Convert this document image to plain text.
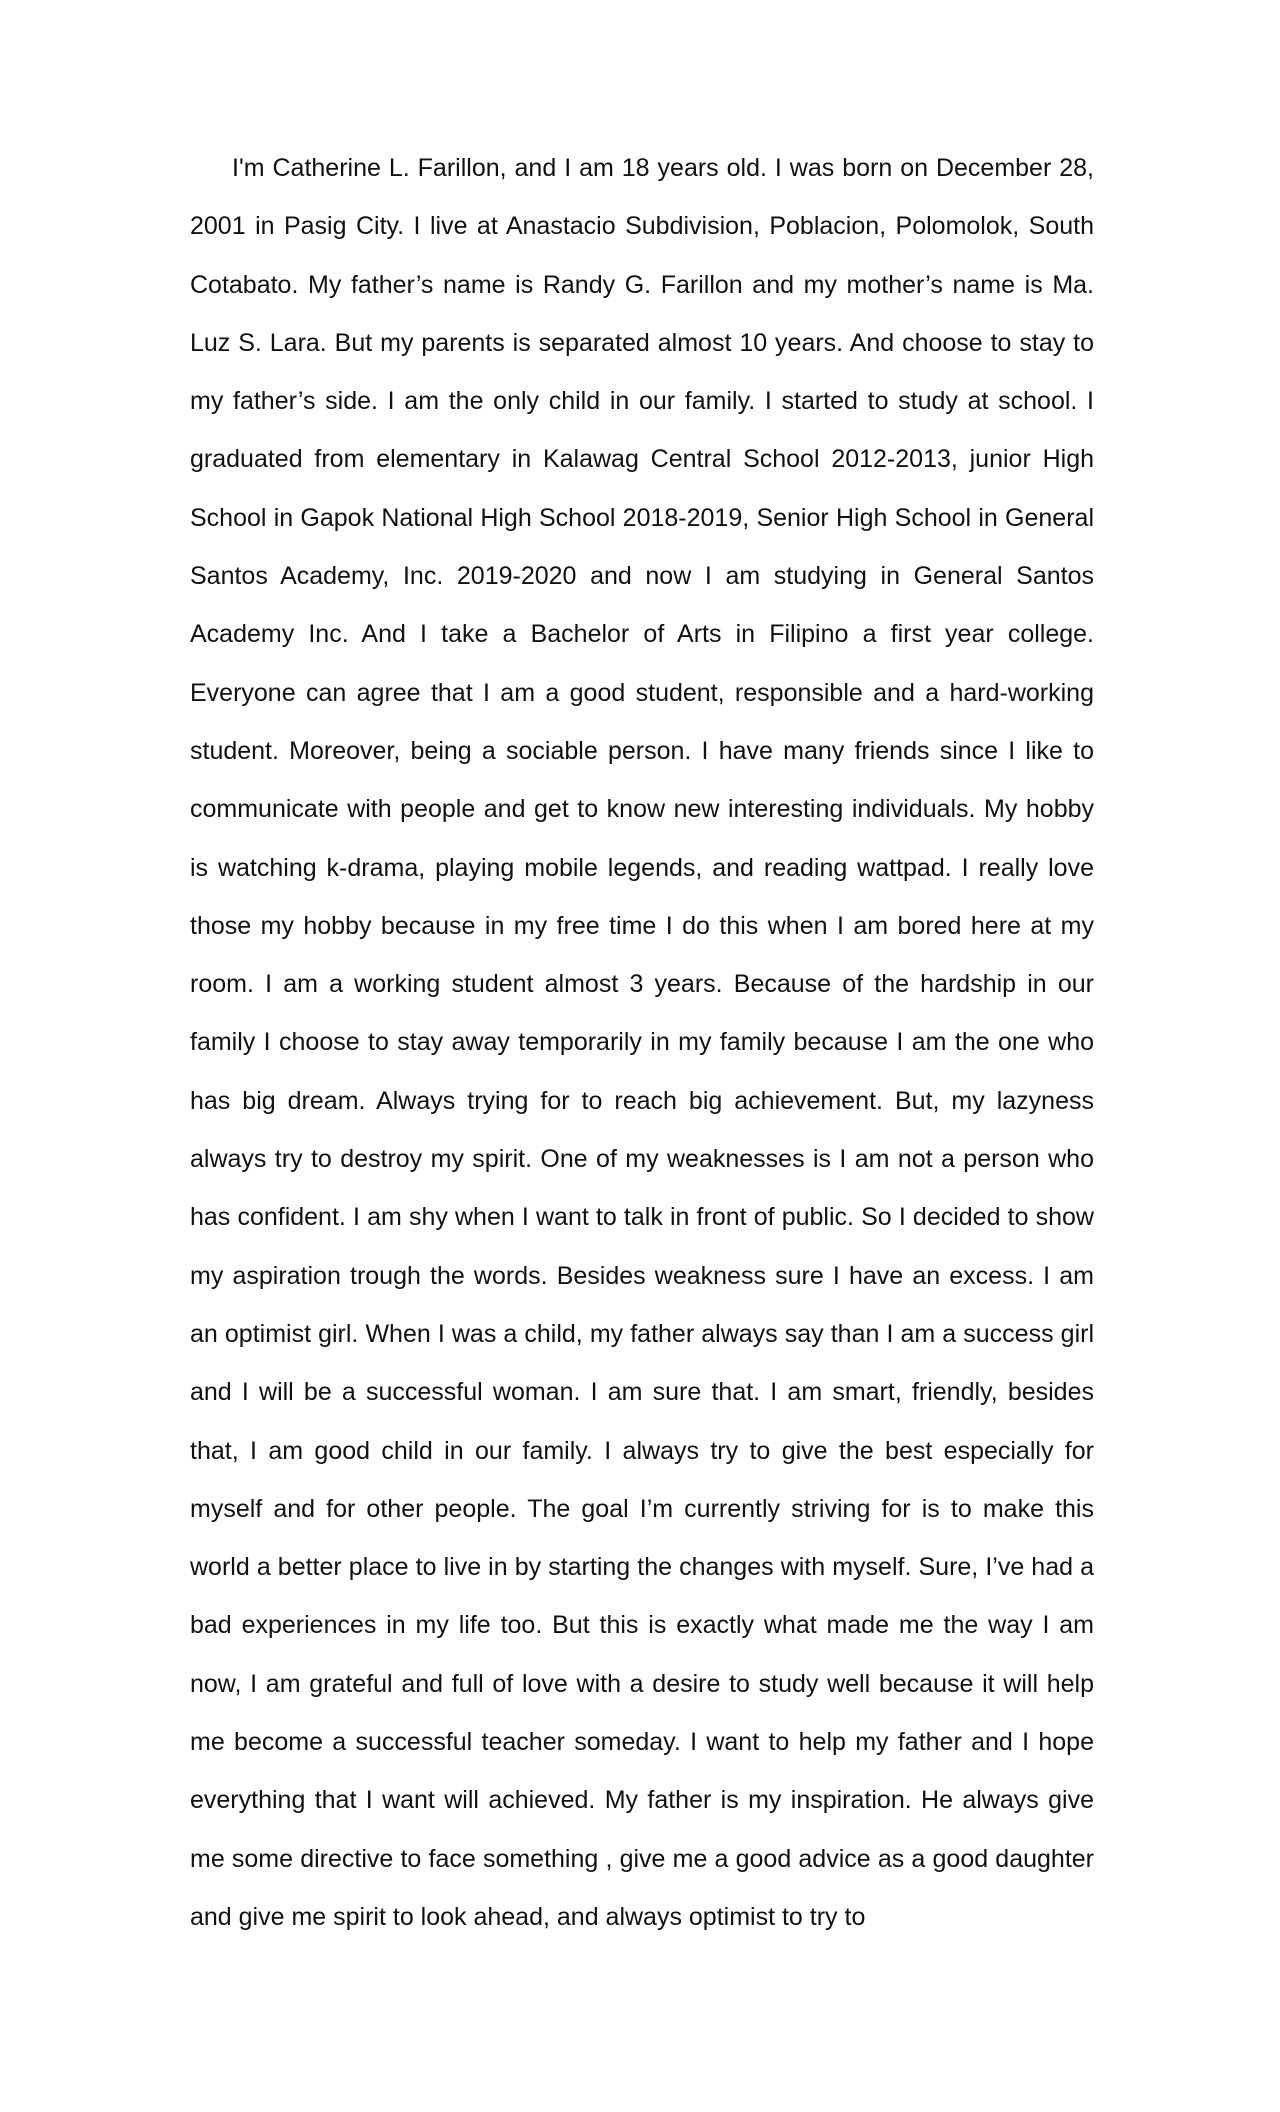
I'm Catherine L. Farillon, and I am 18 years old. I was born on December 28, 2001 in Pasig City. I live at Anastacio Subdivision, Poblacion, Polomolok, South Cotabato. My father’s name is Randy G. Farillon and my mother’s name is Ma. Luz S. Lara. But my parents is separated almost 10 years. And choose to stay to my father’s side. I am the only child in our family. I started to study at school. I graduated from elementary in Kalawag Central School 2012-2013, junior High School in Gapok National High School 2018-2019, Senior High School in General Santos Academy, Inc. 2019-2020 and now I am studying in General Santos Academy Inc. And I take a Bachelor of Arts in Filipino a first year college. Everyone can agree that I am a good student, responsible and a hard-working student. Moreover, being a sociable person. I have many friends since I like to communicate with people and get to know new interesting individuals. My hobby is watching k-drama, playing mobile legends, and reading wattpad. I really love those my hobby because in my free time I do this when I am bored here at my room. I am a working student almost 3 years. Because of the hardship in our family I choose to stay away temporarily in my family because I am the one who has big dream. Always trying for to reach big achievement. But, my lazyness always try to destroy my spirit. One of my weaknesses is I am not a person who has confident. I am shy when I want to talk in front of public. So I decided to show my aspiration trough the words. Besides weakness sure I have an excess. I am an optimist girl. When I was a child, my father always say than I am a success girl and I will be a successful woman. I am sure that. I am smart, friendly, besides that, I am good child in our family. I always try to give the best especially for myself and for other people. The goal I’m currently striving for is to make this world a better place to live in by starting the changes with myself. Sure, I’ve had a bad experiences in my life too. But this is exactly what made me the way I am now, I am grateful and full of love with a desire to study well because it will help me become a successful teacher someday. I want to help my father and I hope everything that I want will achieved. My father is my inspiration. He always give me some directive to face something , give me a good advice as a good daughter and give me spirit to look ahead, and always optimist to try to
